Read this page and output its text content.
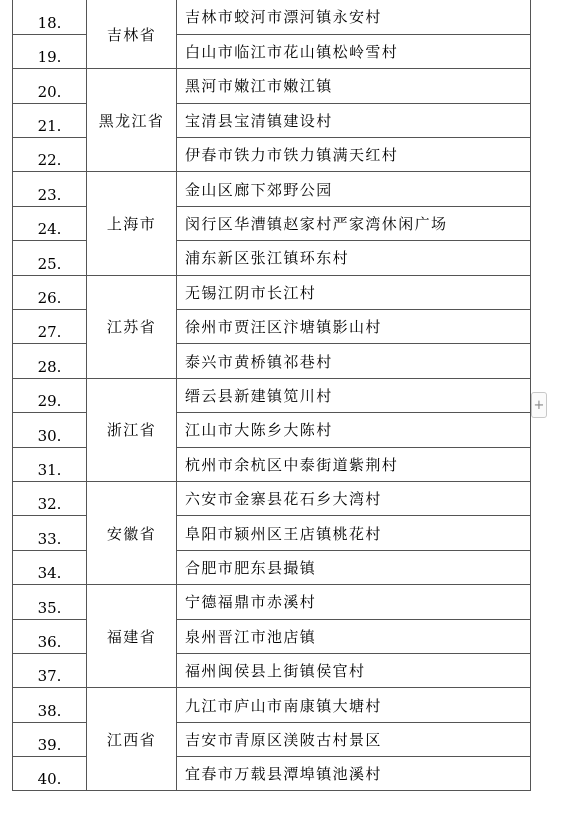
18.	吉林省	吉林市蛟河市漂河镇永安村
19.		白山市临江市花山镇松岭雪村
20.	黑龙江省	黑河市嫩江市嫩江镇
21.		宝清县宝清镇建设村
22.		伊春市铁力市铁力镇满天红村
23.	上海市	金山区廊下郊野公园
24.		闵行区华漕镇赵家村严家湾休闲广场
25.		浦东新区张江镇环东村
26.	江苏省	无锡江阴市长江村
27.		徐州市贾汪区汴塘镇影山村
28.		泰兴市黄桥镇祁巷村
29.	浙江省	缙云县新建镇笕川村
30.		江山市大陈乡大陈村
31.		杭州市余杭区中泰街道紫荆村
32.	安徽省	六安市金寨县花石乡大湾村
33.		阜阳市颍州区王店镇桃花村
34.		合肥市肥东县撮镇
35.	福建省	宁德福鼎市赤溪村
36.		泉州晋江市池店镇
37.		福州闽侯县上街镇侯官村
38.	江西省	九江市庐山市南康镇大塘村
39.		吉安市青原区渼陂古村景区
40.		宜春市万载县潭埠镇池溪村
+
